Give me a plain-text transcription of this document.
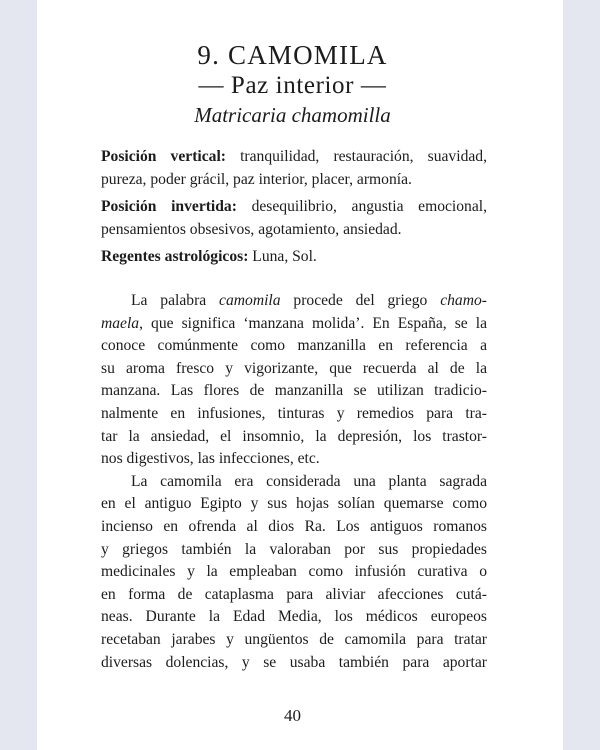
9. CAMOMILA
— Paz interior —
Matricaria chamomilla
Posición vertical: tranquilidad, restauración, suavidad,
pureza, poder grácil, paz interior, placer, armonía.
Posición invertida: desequilibrio, angustia emocional,
pensamientos obsesivos, agotamiento, ansiedad.
Regentes astrológicos: Luna, Sol.
La palabra camomila procede del griego chamo-
maela, que significa ‘manzana molida’. En España, se la
conoce comúnmente como manzanilla en referencia a
su aroma fresco y vigorizante, que recuerda al de la
manzana. Las flores de manzanilla se utilizan tradicio-
nalmente en infusiones, tinturas y remedios para tra-
tar la ansiedad, el insomnio, la depresión, los trastor-
nos digestivos, las infecciones, etc.
La camomila era considerada una planta sagrada
en el antiguo Egipto y sus hojas solían quemarse como
incienso en ofrenda al dios Ra. Los antiguos romanos
y griegos también la valoraban por sus propiedades
medicinales y la empleaban como infusión curativa o
en forma de cataplasma para aliviar afecciones cutá-
neas. Durante la Edad Media, los médicos europeos
recetaban jarabes y ungüentos de camomila para tratar
diversas dolencias, y se usaba también para aportar
40
